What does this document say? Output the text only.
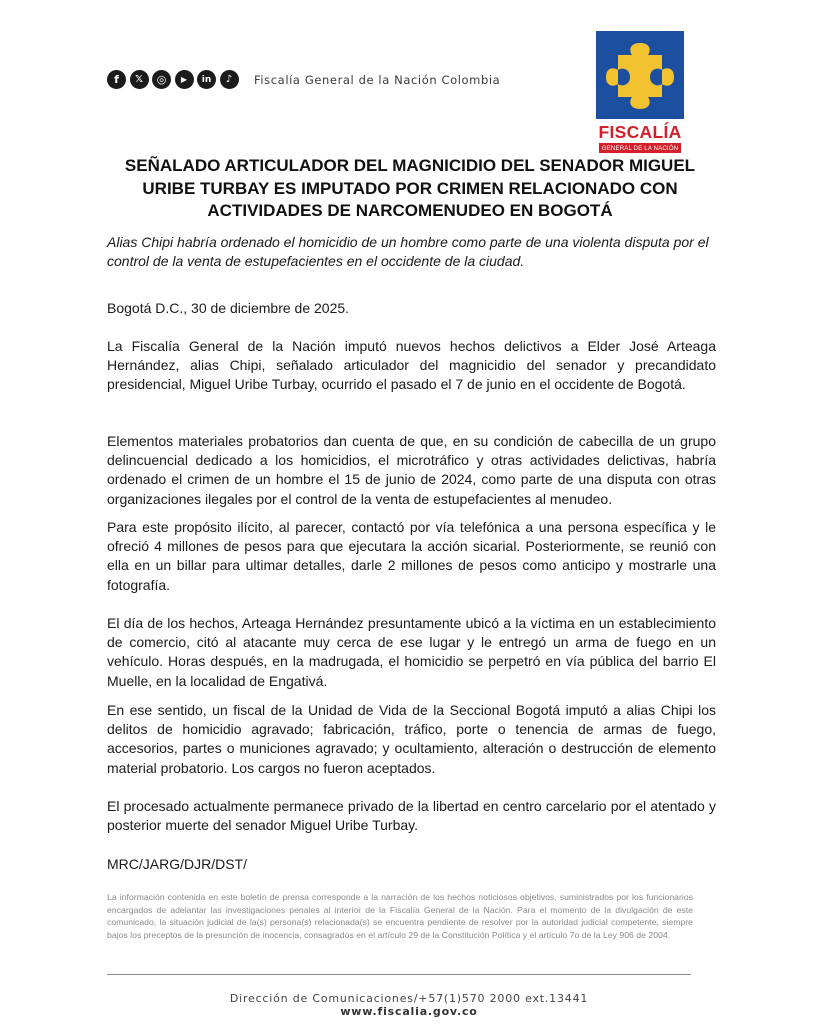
f	𝕏	◎	▶	in	♪	Fiscalía General de la Nación Colombia
FISCALÍA
GENERAL DE LA NACIÓN
SEÑALADO ARTICULADOR DEL MAGNICIDIO DEL SENADOR MIGUEL
URIBE TURBAY ES IMPUTADO POR CRIMEN RELACIONADO CON
ACTIVIDADES DE NARCOMENUDEO EN BOGOTÁ

Alias Chipi habría ordenado el homicidio de un hombre como parte de una violenta disputa por el control de la venta de estupefacientes en el occidente de la ciudad.

Bogotá D.C., 30 de diciembre de 2025.

La Fiscalía General de la Nación imputó nuevos hechos delictivos a Elder José Arteaga Hernández, alias Chipi, señalado articulador del magnicidio del senador y precandidato presidencial, Miguel Uribe Turbay, ocurrido el pasado el 7 de junio en el occidente de Bogotá.

Elementos materiales probatorios dan cuenta de que, en su condición de cabecilla de un grupo delincuencial dedicado a los homicidios, el microtráfico y otras actividades delictivas, habría ordenado el crimen de un hombre el 15 de junio de 2024, como parte de una disputa con otras organizaciones ilegales por el control de la venta de estupefacientes al menudeo.

Para este propósito ilícito, al parecer, contactó por vía telefónica a una persona específica y le ofreció 4 millones de pesos para que ejecutara la acción sicarial. Posteriormente, se reunió con ella en un billar para ultimar detalles, darle 2 millones de pesos como anticipo y mostrarle una fotografía.

El día de los hechos, Arteaga Hernández presuntamente ubicó a la víctima en un establecimiento de comercio, citó al atacante muy cerca de ese lugar y le entregó un arma de fuego en un vehículo. Horas después, en la madrugada, el homicidio se perpetró en vía pública del barrio El Muelle, en la localidad de Engativá.

En ese sentido, un fiscal de la Unidad de Vida de la Seccional Bogotá imputó a alias Chipi los delitos de homicidio agravado; fabricación, tráfico, porte o tenencia de armas de fuego, accesorios, partes o municiones agravado; y ocultamiento, alteración o destrucción de elemento material probatorio. Los cargos no fueron aceptados.

El procesado actualmente permanece privado de la libertad en centro carcelario por el atentado y posterior muerte del senador Miguel Uribe Turbay.

MRC/JARG/DJR/DST/

La información contenida en este boletín de prensa corresponde a la narración de los hechos noticiosos objetivos, suministrados por los funcionarios encargados de adelantar las investigaciones penales al interior de la Fiscalía General de la Nación. Para el momento de la divulgación de este comunicado, la situación judicial de la(s) persona(s) relacionada(s) se encuentra pendiente de resolver por la autoridad judicial competente, siempre bajos los preceptos de la presunción de inocencia, consagrados en el artículo 29 de la Constitución Política y el artículo 7o de la Ley 906 de 2004.

Dirección de Comunicaciones/+57(1)570 2000 ext.13441
www.fiscalia.gov.co
